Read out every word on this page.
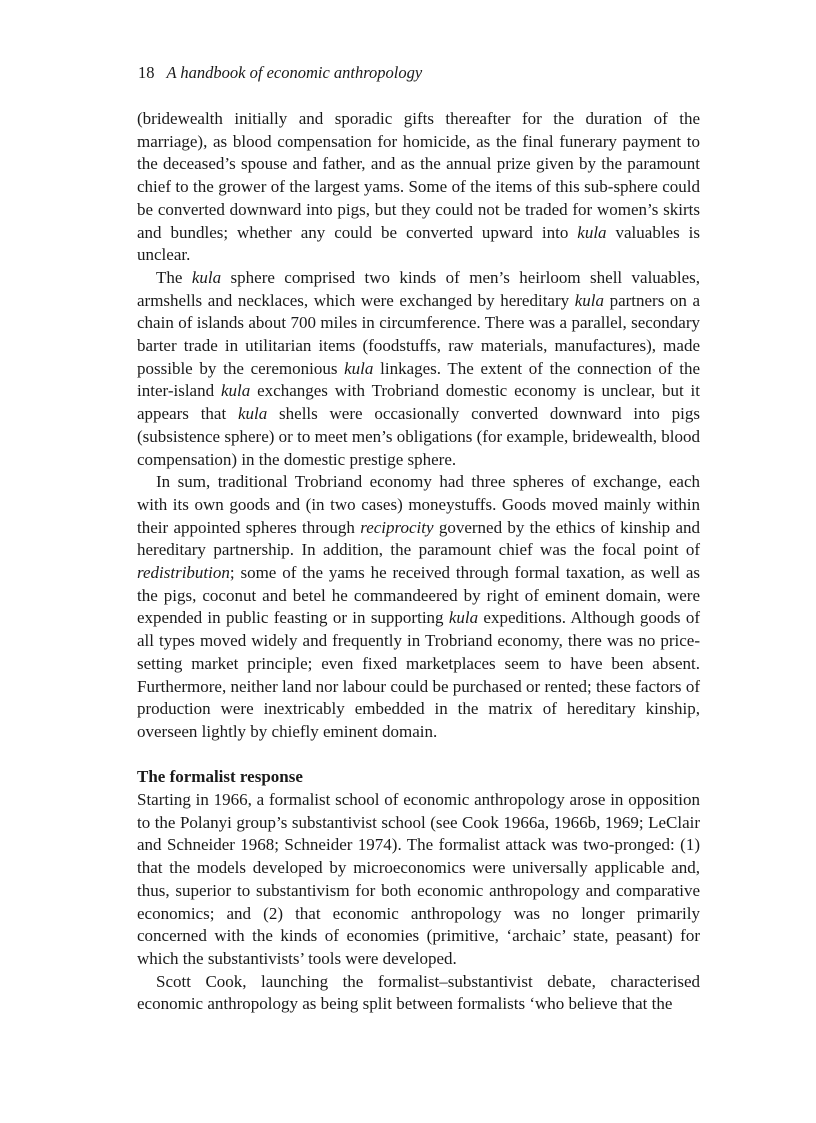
18 A handbook of economic anthropology

(bridewealth initially and sporadic gifts thereafter for the duration of the marriage), as blood compensation for homicide, as the final funerary payment to the deceased’s spouse and father, and as the annual prize given by the paramount chief to the grower of the largest yams. Some of the items of this sub-sphere could be converted downward into pigs, but they could not be traded for women’s skirts and bundles; whether any could be converted upward into kula valuables is unclear.

The kula sphere comprised two kinds of men’s heirloom shell valuables, armshells and necklaces, which were exchanged by hereditary kula partners on a chain of islands about 700 miles in circumference. There was a parallel, secondary barter trade in utilitarian items (foodstuffs, raw materials, manufactures), made possible by the ceremonious kula linkages. The extent of the connection of the inter-island kula exchanges with Trobriand domestic economy is unclear, but it appears that kula shells were occasionally converted downward into pigs (subsistence sphere) or to meet men’s obligations (for example, bridewealth, blood compensation) in the domestic prestige sphere.

In sum, traditional Trobriand economy had three spheres of exchange, each with its own goods and (in two cases) moneystuffs. Goods moved mainly within their appointed spheres through reciprocity governed by the ethics of kinship and hereditary partnership. In addition, the paramount chief was the focal point of redistribution; some of the yams he received through formal taxation, as well as the pigs, coconut and betel he commandeered by right of eminent domain, were expended in public feasting or in supporting kula expeditions. Although goods of all types moved widely and frequently in Trobriand economy, there was no price-setting market principle; even fixed marketplaces seem to have been absent. Furthermore, neither land nor labour could be purchased or rented; these factors of production were inextricably embedded in the matrix of hereditary kinship, overseen lightly by chiefly eminent domain.

The formalist response

Starting in 1966, a formalist school of economic anthropology arose in opposition to the Polanyi group’s substantivist school (see Cook 1966a, 1966b, 1969; LeClair and Schneider 1968; Schneider 1974). The formalist attack was two-pronged: (1) that the models developed by microeconomics were universally applicable and, thus, superior to substantivism for both economic anthropology and comparative economics; and (2) that economic anthropology was no longer primarily concerned with the kinds of economies (primitive, ‘archaic’ state, peasant) for which the substantivists’ tools were developed.

Scott Cook, launching the formalist–substantivist debate, characterised economic anthropology as being split between formalists ‘who believe that the
